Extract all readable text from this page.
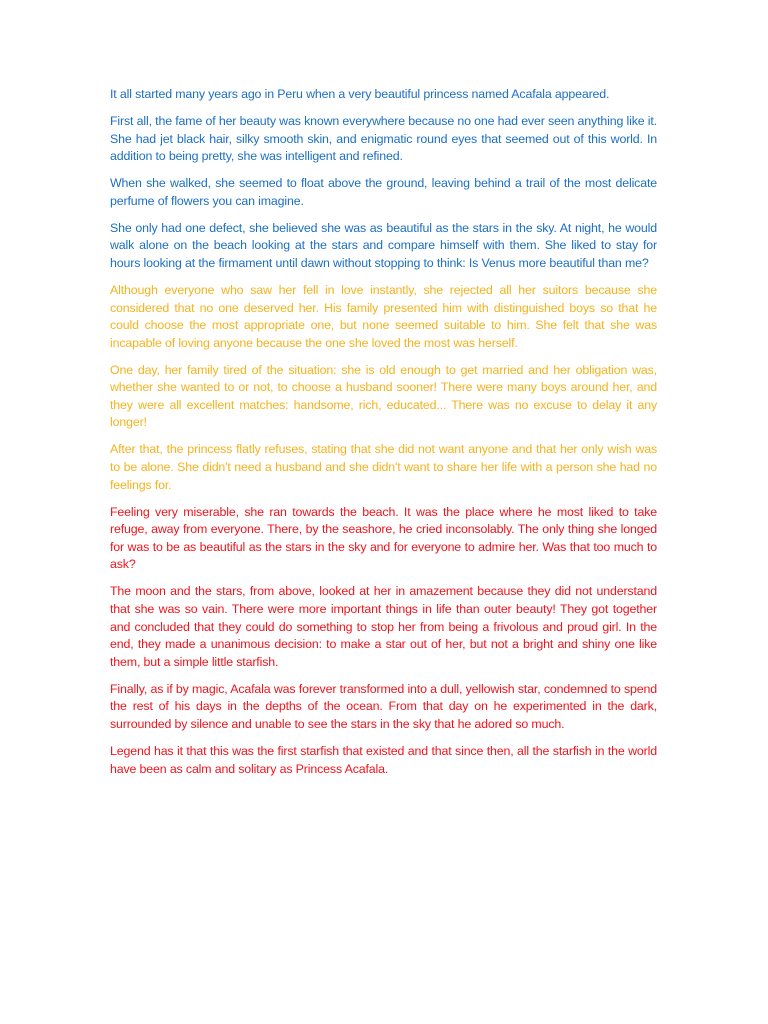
It all started many years ago in Peru when a very beautiful princess named Acafala appeared.

First all, the fame of her beauty was known everywhere because no one had ever seen anything like it. She had jet black hair, silky smooth skin, and enigmatic round eyes that seemed out of this world. In addition to being pretty, she was intelligent and refined.

When she walked, she seemed to float above the ground, leaving behind a trail of the most delicate perfume of flowers you can imagine.

She only had one defect, she believed she was as beautiful as the stars in the sky. At night, he would walk alone on the beach looking at the stars and compare himself with them. She liked to stay for hours looking at the firmament until dawn without stopping to think: Is Venus more beautiful than me?

Although everyone who saw her fell in love instantly, she rejected all her suitors because she considered that no one deserved her. His family presented him with distinguished boys so that he could choose the most appropriate one, but none seemed suitable to him. She felt that she was incapable of loving anyone because the one she loved the most was herself.

One day, her family tired of the situation: she is old enough to get married and her obligation was, whether she wanted to or not, to choose a husband sooner! There were many boys around her, and they were all excellent matches: handsome, rich, educated... There was no excuse to delay it any longer!

After that, the princess flatly refuses, stating that she did not want anyone and that her only wish was to be alone. She didn't need a husband and she didn't want to share her life with a person she had no feelings for.

Feeling very miserable, she ran towards the beach. It was the place where he most liked to take refuge, away from everyone. There, by the seashore, he cried inconsolably. The only thing she longed for was to be as beautiful as the stars in the sky and for everyone to admire her. Was that too much to ask?

The moon and the stars, from above, looked at her in amazement because they did not understand that she was so vain. There were more important things in life than outer beauty! They got together and concluded that they could do something to stop her from being a frivolous and proud girl. In the end, they made a unanimous decision: to make a star out of her, but not a bright and shiny one like them, but a simple little starfish.

Finally, as if by magic, Acafala was forever transformed into a dull, yellowish star, condemned to spend the rest of his days in the depths of the ocean. From that day on he experimented in the dark, surrounded by silence and unable to see the stars in the sky that he adored so much.

Legend has it that this was the first starfish that existed and that since then, all the starfish in the world have been as calm and solitary as Princess Acafala.
